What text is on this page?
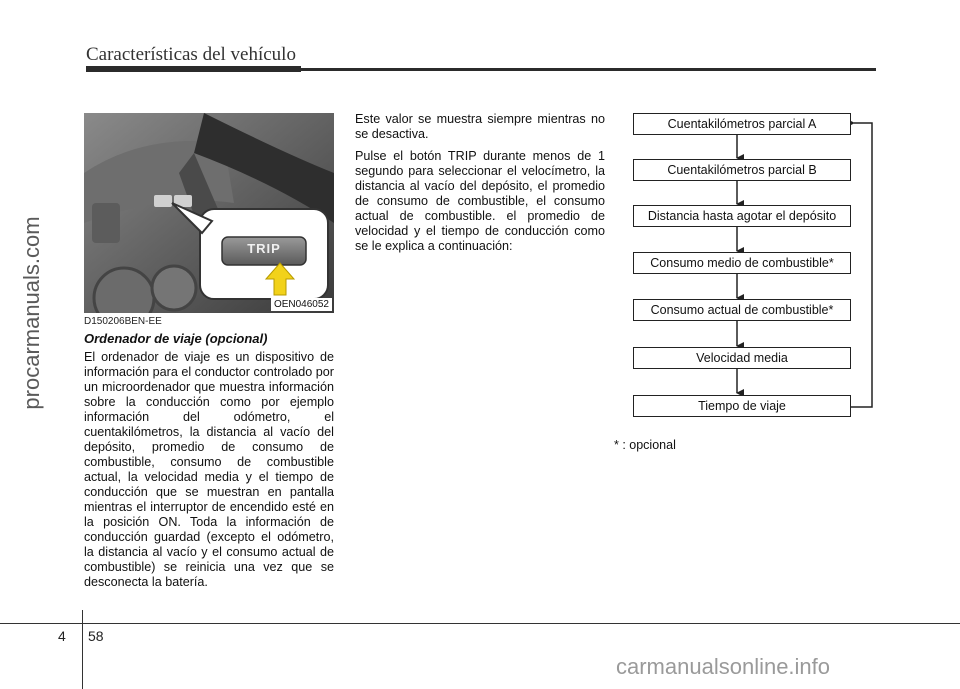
Características del vehículo
procarmanuals.com	TRIP
OEN046052
D150206BEN-EE
Ordenador de viaje (opcional)

El ordenador de viaje es un dispositivo de información para el conductor controlado por un microordenador que muestra información sobre la conducción como por ejemplo información del odómetro, el cuentakilómetros, la distancia al vacío del depósito, promedio de consumo de combustible, consumo de combustible actual, la velocidad media y el tiempo de conducción que se muestran en pantalla mientras el interruptor de encendido esté en la posición ON. Toda la información de conducción guardad (excepto el odómetro, la distancia al vacío y el consumo actual de combustible) se reinicia una vez que se desconecta la batería.

Este valor se muestra siempre mientras no se desactiva.

Pulse el botón TRIP durante menos de 1 segundo para seleccionar el velocímetro, la distancia al vacío del depósito, el promedio de consumo de combustible, el consumo actual de combustible. el promedio de velocidad y el tiempo de conducción como se le explica a continuación:

Cuentakilómetros parcial A
Cuentakilómetros parcial B
Distancia hasta agotar el depósito
Consumo medio de combustible*
Consumo actual de combustible*
Velocidad media
Tiempo de viaje
* : opcional
4 58
carmanualsonline.info
